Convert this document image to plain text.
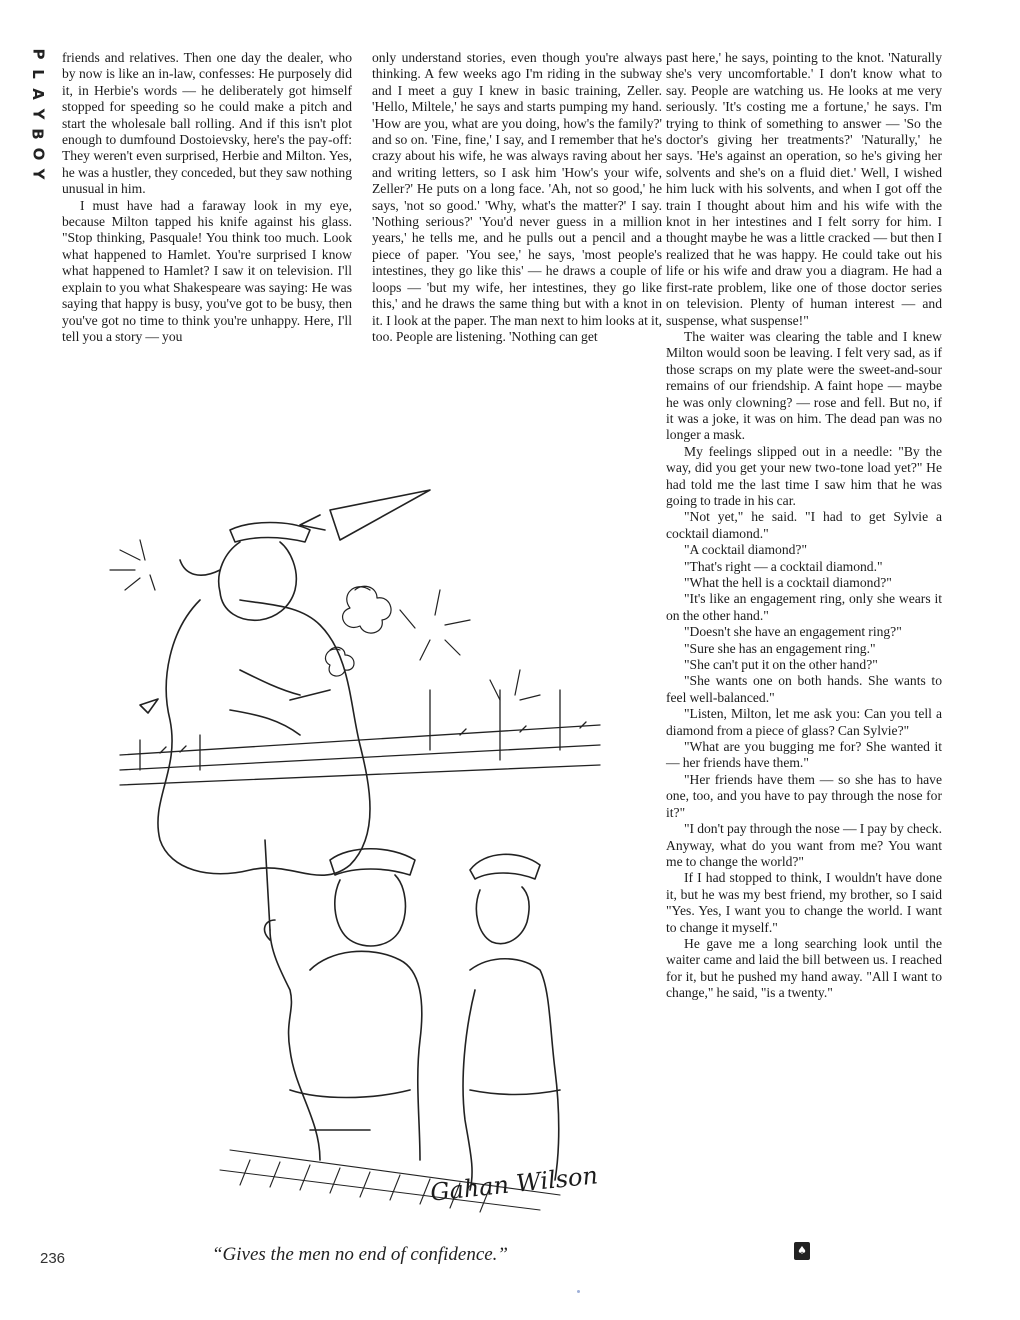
P
L
A
Y
B
O
Y

friends and relatives. Then one day the dealer, who by now is like an in-law, confesses: He purposely did it, in Herbie's words — he deliberately got himself stopped for speeding so he could make a pitch and start the wholesale ball rolling. And if this isn't plot enough to dumfound Dostoievsky, here's the pay-off: They weren't even surprised, Herbie and Milton. Yes, he was a hustler, they conceded, but they saw nothing unusual in him.

I must have had a faraway look in my eye, because Milton tapped his knife against his glass. "Stop thinking, Pasquale! You think too much. Look what happened to Hamlet. You're surprised I know what happened to Hamlet? I saw it on television. I'll explain to you what Shakespeare was saying: He was saying that happy is busy, you've got to be busy, then you've got no time to think you're unhappy. Here, I'll tell you a story — you

only understand stories, even though you're always thinking. A few weeks ago I'm riding in the subway and I meet a guy I knew in basic training, Zeller. 'Hello, Miltele,' he says and starts pumping my hand. 'How are you, what are you doing, how's the family?' and so on. 'Fine, fine,' I say, and I remember that he's crazy about his wife, he was always raving about her and writing letters, so I ask him 'How's your wife, Zeller?' He puts on a long face. 'Ah, not so good,' he says, 'not so good.' 'Why, what's the matter?' I say. 'Nothing serious?' 'You'd never guess in a million years,' he tells me, and he pulls out a pencil and a piece of paper. 'You see,' he says, 'most people's intestines, they go like this' — he draws a couple of loops — 'but my wife, her intestines, they go like this,' and he draws the same thing but with a knot in it. I look at the paper. The man next to him looks at it, too. People are listening. 'Nothing can get

past here,' he says, pointing to the knot. 'Naturally she's very uncomfortable.' I don't know what to say. People are watching us. He looks at me very seriously. 'It's costing me a fortune,' he says. I'm trying to think of something to answer — 'So the doctor's giving her treatments?' 'Naturally,' he says. 'He's against an operation, so he's giving her solvents and she's on a fluid diet.' Well, I wished him luck with his solvents, and when I got off the train I thought about him and his wife with the knot in her intestines and I felt sorry for him. I thought maybe he was a little cracked — but then I realized that he was happy. He could take out his life or his wife and draw you a diagram. He had a first-rate problem, like one of those doctor series on television. Plenty of human interest — and suspense, what suspense!"

The waiter was clearing the table and I knew Milton would soon be leaving. I felt very sad, as if those scraps on my plate were the sweet-and-sour remains of our friendship. A faint hope — maybe he was only clowning? — rose and fell. But no, if it was a joke, it was on him. The dead pan was no longer a mask.

My feelings slipped out in a needle: "By the way, did you get your new two-tone load yet?" He had told me the last time I saw him that he was going to trade in his car.

"Not yet," he said. "I had to get Sylvie a cocktail diamond."

"A cocktail diamond?"

"That's right — a cocktail diamond."

"What the hell is a cocktail diamond?"

"It's like an engagement ring, only she wears it on the other hand."

"Doesn't she have an engagement ring?"

"Sure she has an engagement ring."

"She can't put it on the other hand?"

"She wants one on both hands. She wants to feel well-balanced."

"Listen, Milton, let me ask you: Can you tell a diamond from a piece of glass? Can Sylvie?"

"What are you bugging me for? She wanted it — her friends have them."

"Her friends have them — so she has to have one, too, and you have to pay through the nose for it?"

"I don't pay through the nose — I pay by check. Anyway, what do you want from me? You want me to change the world?"

If I had stopped to think, I wouldn't have done it, but he was my best friend, my brother, so I said "Yes. Yes, I want you to change the world. I want to change it myself."

He gave me a long searching look until the waiter came and laid the bill between us. I reached for it, but he pushed my hand away. "All I want to change," he said, "is a twenty."

Gahan Wilson
“Gives the men no end of confidence.”
236	♠
